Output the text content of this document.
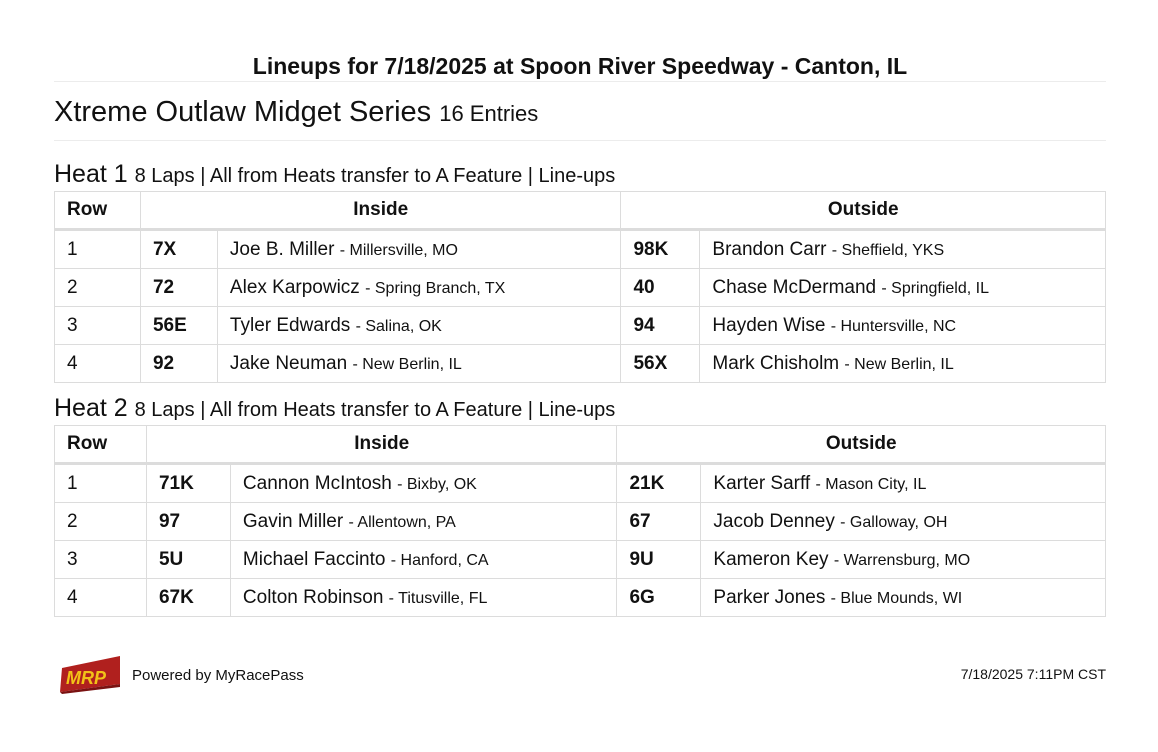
Lineups for 7/18/2025 at Spoon River Speedway - Canton, IL
Xtreme Outlaw Midget Series 16 Entries
Heat 1 8 Laps | All from Heats transfer to A Feature | Line-ups
Row	Inside		Outside	
1	7X	Joe B. Miller - Millersville, MO	98K	Brandon Carr - Sheffield, YKS
2	72	Alex Karpowicz - Spring Branch, TX	40	Chase McDermand - Springfield, IL
3	56E	Tyler Edwards - Salina, OK	94	Hayden Wise - Huntersville, NC
4	92	Jake Neuman - New Berlin, IL	56X	Mark Chisholm - New Berlin, IL
Heat 2 8 Laps | All from Heats transfer to A Feature | Line-ups
Row	Inside		Outside	
1	71K	Cannon McIntosh - Bixby, OK	21K	Karter Sarff - Mason City, IL
2	97	Gavin Miller - Allentown, PA	67	Jacob Denney - Galloway, OH
3	5U	Michael Faccinto - Hanford, CA	9U	Kameron Key - Warrensburg, MO
4	67K	Colton Robinson - Titusville, FL	6G	Parker Jones - Blue Mounds, WI
MRP Powered by MyRacePass	7/18/2025 7:11PM CST
